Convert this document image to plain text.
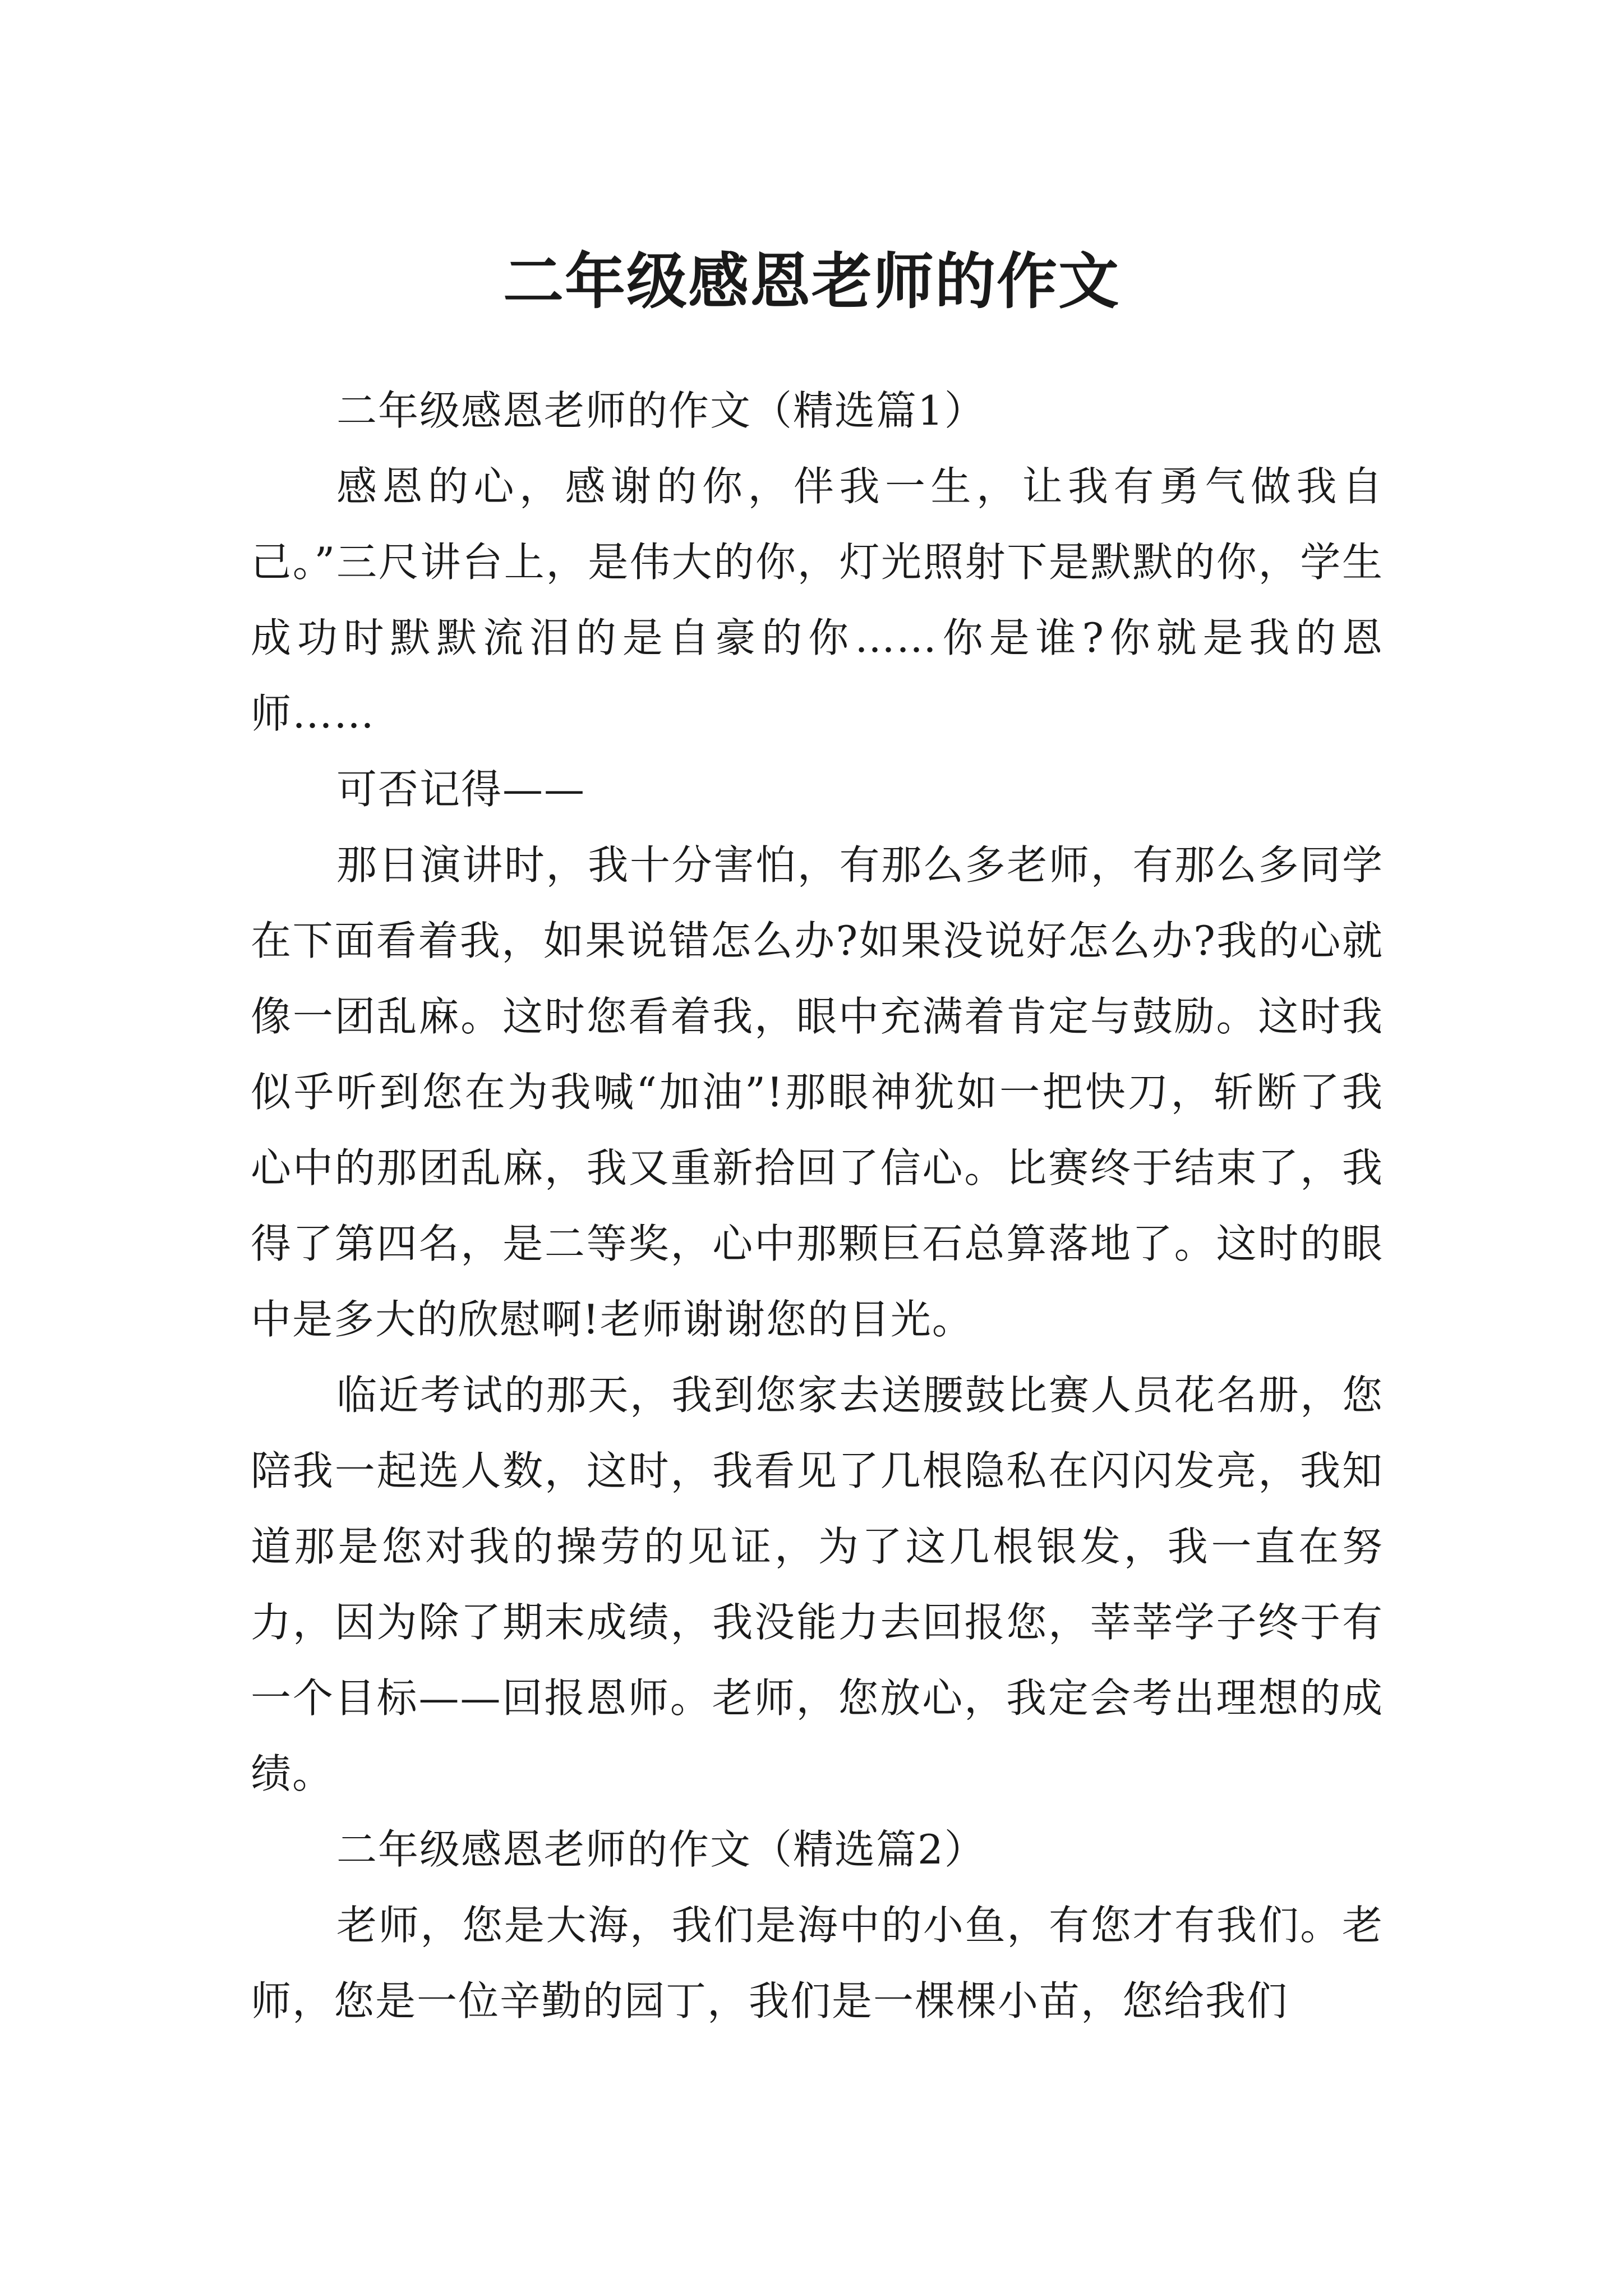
二年级感恩老师的作文

二年级感恩老师的作文（精选篇1）

感恩的心，感谢的你，伴我一生，让我有勇气做我自己。”三尺讲台上，是伟大的你，灯光照射下是默默的你，学生成功时默默流泪的是自豪的你……你是谁?你就是我的恩师……

可否记得——

那日演讲时，我十分害怕，有那么多老师，有那么多同学在下面看着我，如果说错怎么办?如果没说好怎么办?我的心就像一团乱麻。这时您看着我，眼中充满着肯定与鼓励。这时我似乎听到您在为我喊“加油”!那眼神犹如一把快刀，斩断了我心中的那团乱麻，我又重新拾回了信心。比赛终于结束了，我得了第四名，是二等奖，心中那颗巨石总算落地了。这时的眼中是多大的欣慰啊!老师谢谢您的目光。

临近考试的那天，我到您家去送腰鼓比赛人员花名册，您陪我一起选人数，这时，我看见了几根隐私在闪闪发亮，我知道那是您对我的操劳的见证，为了这几根银发，我一直在努力，因为除了期末成绩，我没能力去回报您，莘莘学子终于有一个目标——回报恩师。老师，您放心，我定会考出理想的成绩。

二年级感恩老师的作文（精选篇2）

老师，您是大海，我们是海中的小鱼，有您才有我们。老师，您是一位辛勤的园丁，我们是一棵棵小苗，您给我们
